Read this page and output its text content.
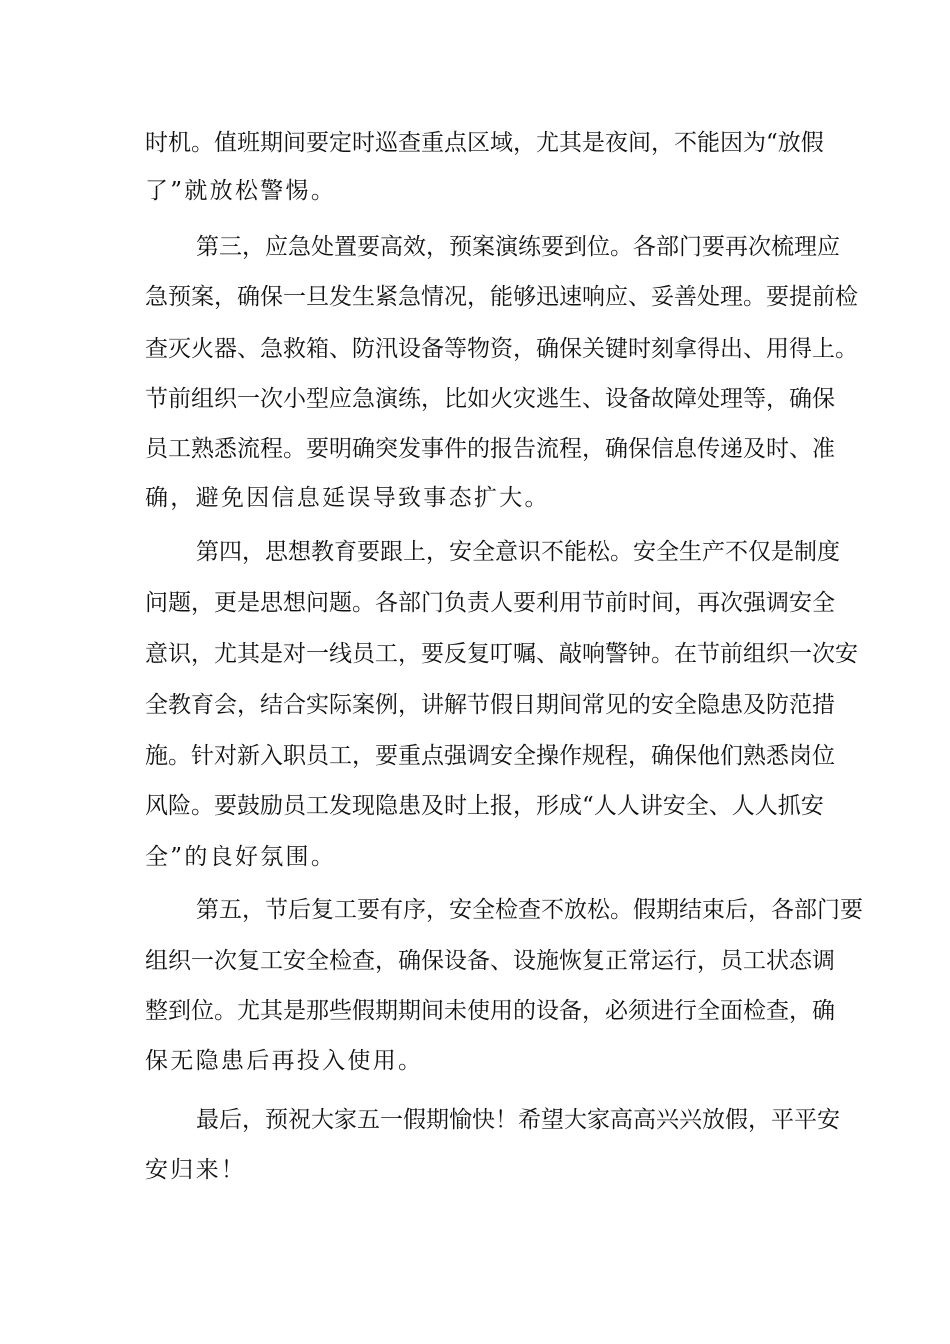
时机。值班期间要定时巡查重点区域，尤其是夜间，不能因为“放假
了”就放松警惕。
第三，应急处置要高效，预案演练要到位。各部门要再次梳理应
急预案，确保一旦发生紧急情况，能够迅速响应、妥善处理。要提前检
查灭火器、急救箱、防汛设备等物资，确保关键时刻拿得出、用得上。
节前组织一次小型应急演练，比如火灾逃生、设备故障处理等，确保
员工熟悉流程。要明确突发事件的报告流程，确保信息传递及时、准
确，避免因信息延误导致事态扩大。
第四，思想教育要跟上，安全意识不能松。安全生产不仅是制度
问题，更是思想问题。各部门负责人要利用节前时间，再次强调安全
意识，尤其是对一线员工，要反复叮嘱、敲响警钟。在节前组织一次安
全教育会，结合实际案例，讲解节假日期间常见的安全隐患及防范措
施。针对新入职员工，要重点强调安全操作规程，确保他们熟悉岗位
风险。要鼓励员工发现隐患及时上报，形成“人人讲安全、人人抓安
全”的良好氛围。
第五，节后复工要有序，安全检查不放松。假期结束后，各部门要
组织一次复工安全检查，确保设备、设施恢复正常运行，员工状态调
整到位。尤其是那些假期期间未使用的设备，必须进行全面检查，确
保无隐患后再投入使用。
最后，预祝大家五一假期愉快！希望大家高高兴兴放假，平平安
安归来！
